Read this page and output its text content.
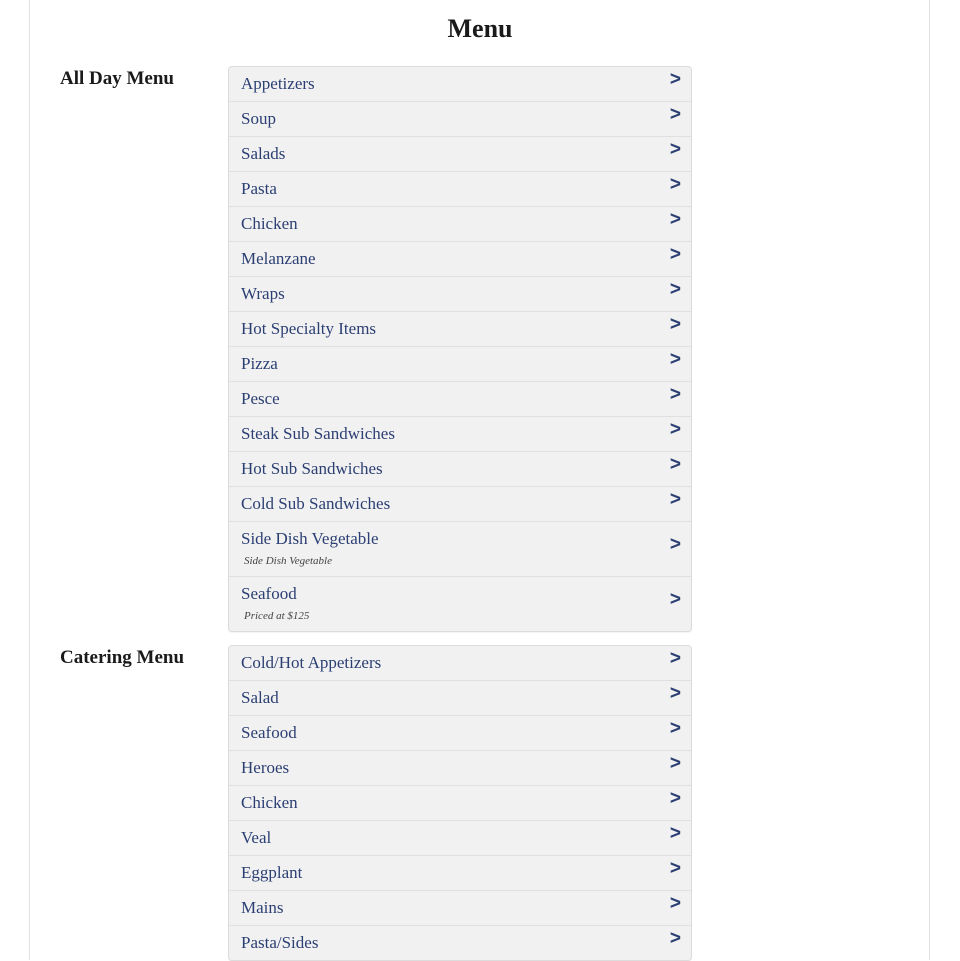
Menu
All Day Menu	Appetizers	>
Soup	>
Salads	>
Pasta	>
Chicken	>
Melanzane	>
Wraps	>
Hot Specialty Items	>
Pizza	>
Pesce	>
Steak Sub Sandwiches	>
Hot Sub Sandwiches	>
Cold Sub Sandwiches	>
Side Dish Vegetable
Side Dish Vegetable
>
Seafood
Priced at $125
>
Catering Menu	Cold/Hot Appetizers	>
Salad	>
Seafood	>
Heroes	>
Chicken	>
Veal	>
Eggplant	>
Mains	>
Pasta/Sides	>
